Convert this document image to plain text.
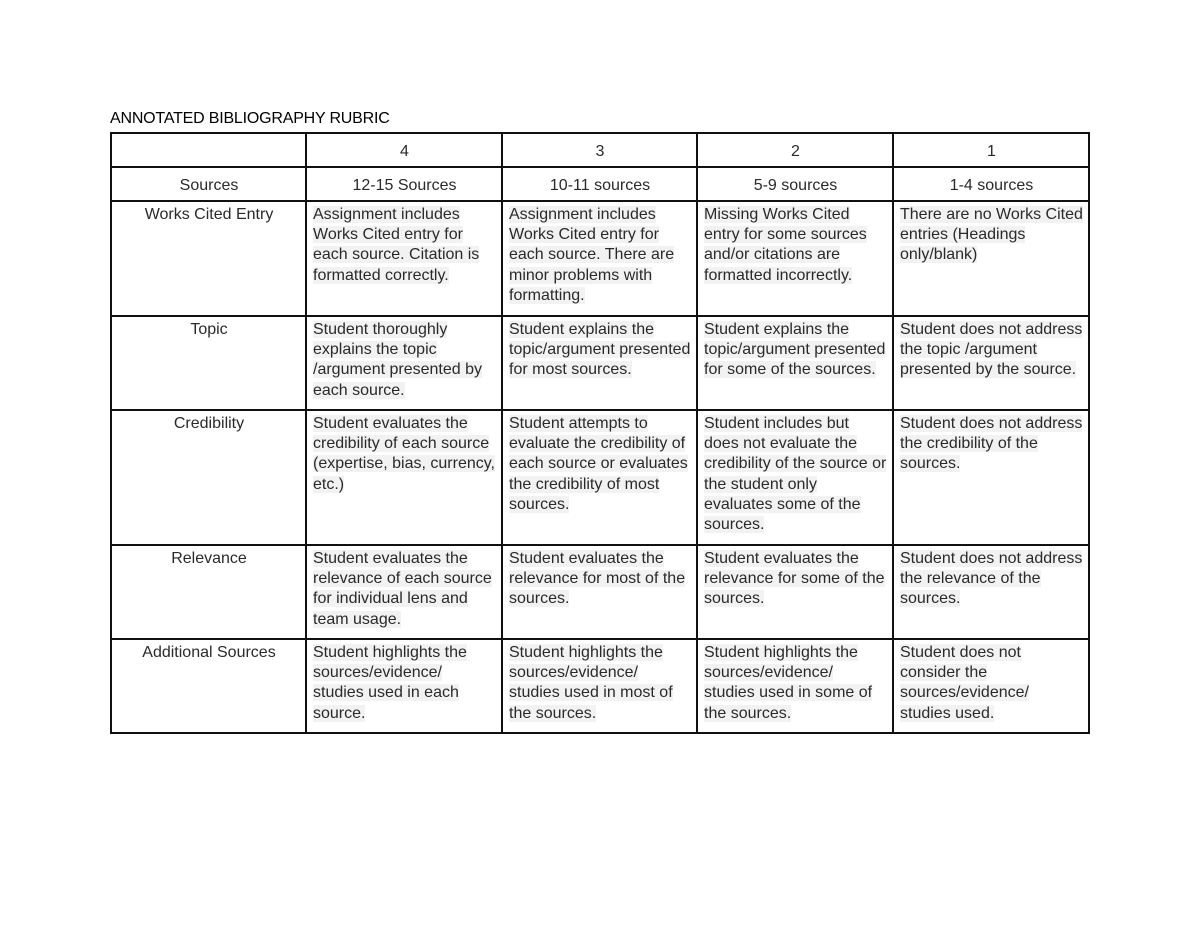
ANNOTATED BIBLIOGRAPHY RUBRIC

	4	3	2	1

Sources	12-15 Sources	10-11 sources	5-9 sources	1-4 sources

Works Cited Entry	Assignment includes Works Cited entry for each source. Citation is formatted correctly.	Assignment includes Works Cited entry for each source. There are minor problems with formatting.	Missing Works Cited entry for some sources and/or citations are formatted incorrectly.	There are no Works Cited entries (Headings only/blank)

Topic	Student thoroughly explains the topic /argument presented by each source.	Student explains the topic/argument presented for most sources.	Student explains the topic/argument presented for some of the sources.	Student does not address the topic /argument presented by the source.

Credibility	Student evaluates the credibility of each source (expertise, bias, currency, etc.)	Student attempts to evaluate the credibility of each source or evaluates the credibility of most sources.	Student includes but does not evaluate the credibility of the source or the student only evaluates some of the sources.	Student does not address the credibility of the sources.

Relevance	Student evaluates the relevance of each source for individual lens and team usage.	Student evaluates the relevance for most of the sources.	Student evaluates the relevance for some of the sources.	Student does not address the relevance of the sources.

Additional Sources	Student highlights the sources/evidence/ studies used in each source.	Student highlights the sources/evidence/ studies used in most of the sources.	Student highlights the sources/evidence/ studies used in some of the sources.	Student does not consider the sources/evidence/ studies used.
